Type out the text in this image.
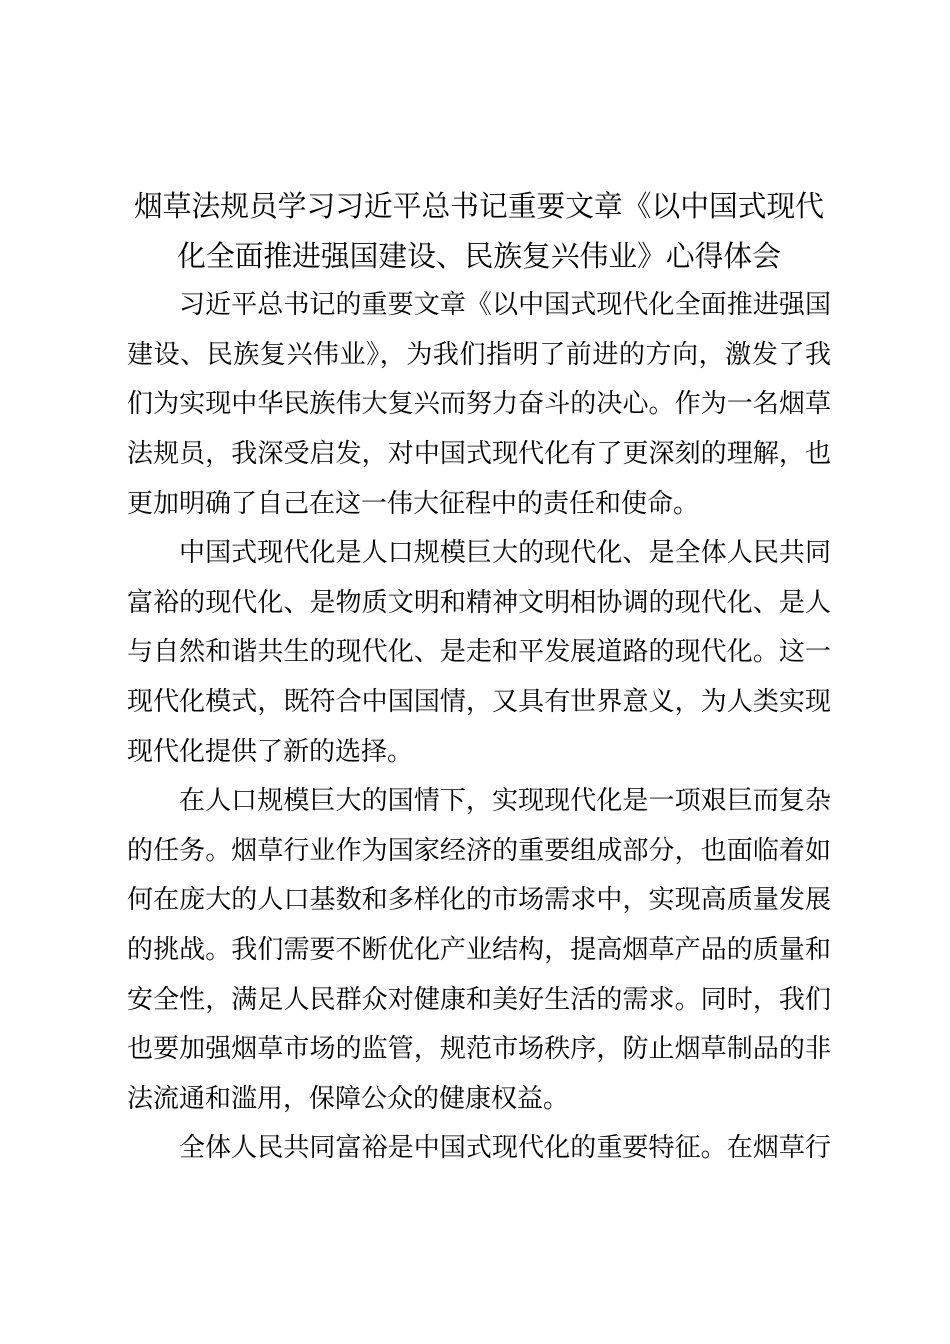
烟草法规员学习习近平总书记重要文章《以中国式现代
化全面推进强国建设、民族复兴伟业》心得体会
习近平总书记的重要文章《以中国式现代化全面推进强国
建设、民族复兴伟业》，为我们指明了前进的方向，激发了我
们为实现中华民族伟大复兴而努力奋斗的决心。作为一名烟草
法规员，我深受启发，对中国式现代化有了更深刻的理解，也
更加明确了自己在这一伟大征程中的责任和使命。
中国式现代化是人口规模巨大的现代化、是全体人民共同
富裕的现代化、是物质文明和精神文明相协调的现代化、是人
与自然和谐共生的现代化、是走和平发展道路的现代化。这一
现代化模式，既符合中国国情，又具有世界意义，为人类实现
现代化提供了新的选择。
在人口规模巨大的国情下，实现现代化是一项艰巨而复杂
的任务。烟草行业作为国家经济的重要组成部分，也面临着如
何在庞大的人口基数和多样化的市场需求中，实现高质量发展
的挑战。我们需要不断优化产业结构，提高烟草产品的质量和
安全性，满足人民群众对健康和美好生活的需求。同时，我们
也要加强烟草市场的监管，规范市场秩序，防止烟草制品的非
法流通和滥用，保障公众的健康权益。
全体人民共同富裕是中国式现代化的重要特征。在烟草行
